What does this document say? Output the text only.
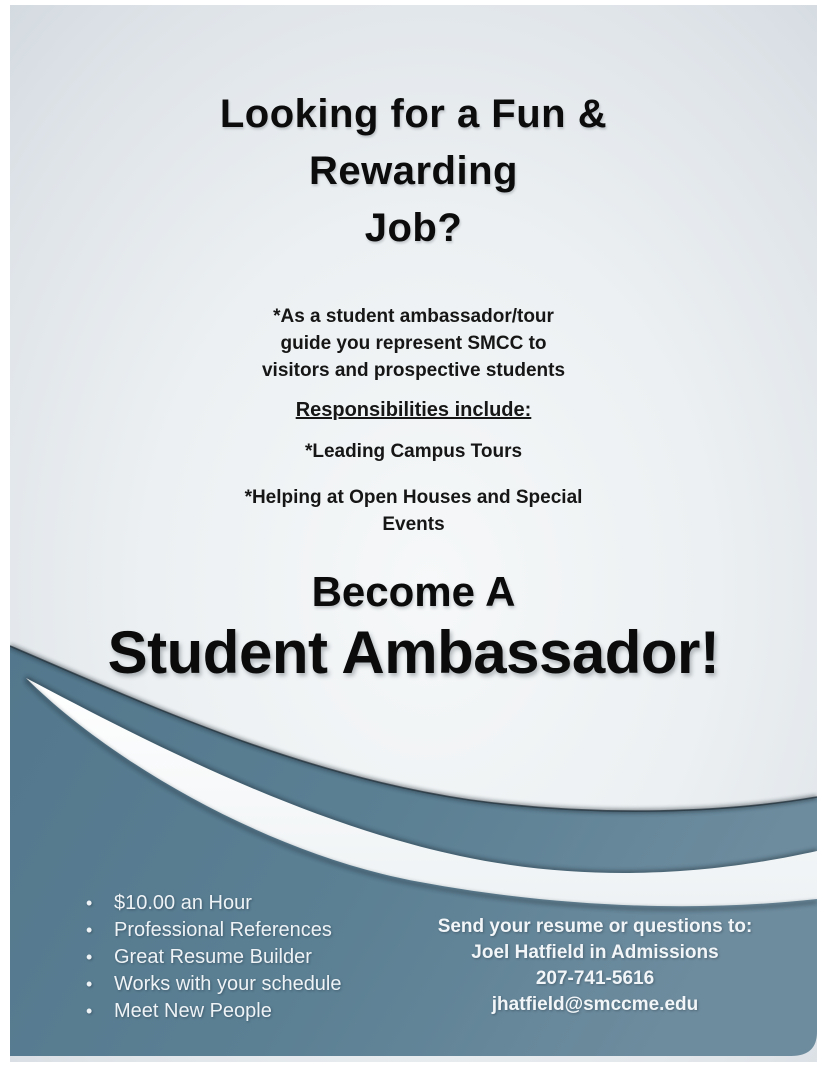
Looking for a Fun &
Rewarding
Job?
*As a student ambassador/tour
guide you represent SMCC to
visitors and prospective students
Responsibilities include:
*Leading Campus Tours
*Helping at Open Houses and Special
Events
Become A
Student Ambassador!
•	$10.00 an Hour
•	Professional References
•	Great Resume Builder
•	Works with your schedule
•	Meet New People
Send your resume or questions to:
Joel Hatfield in Admissions
207-741-5616
jhatfield@smccme.edu
